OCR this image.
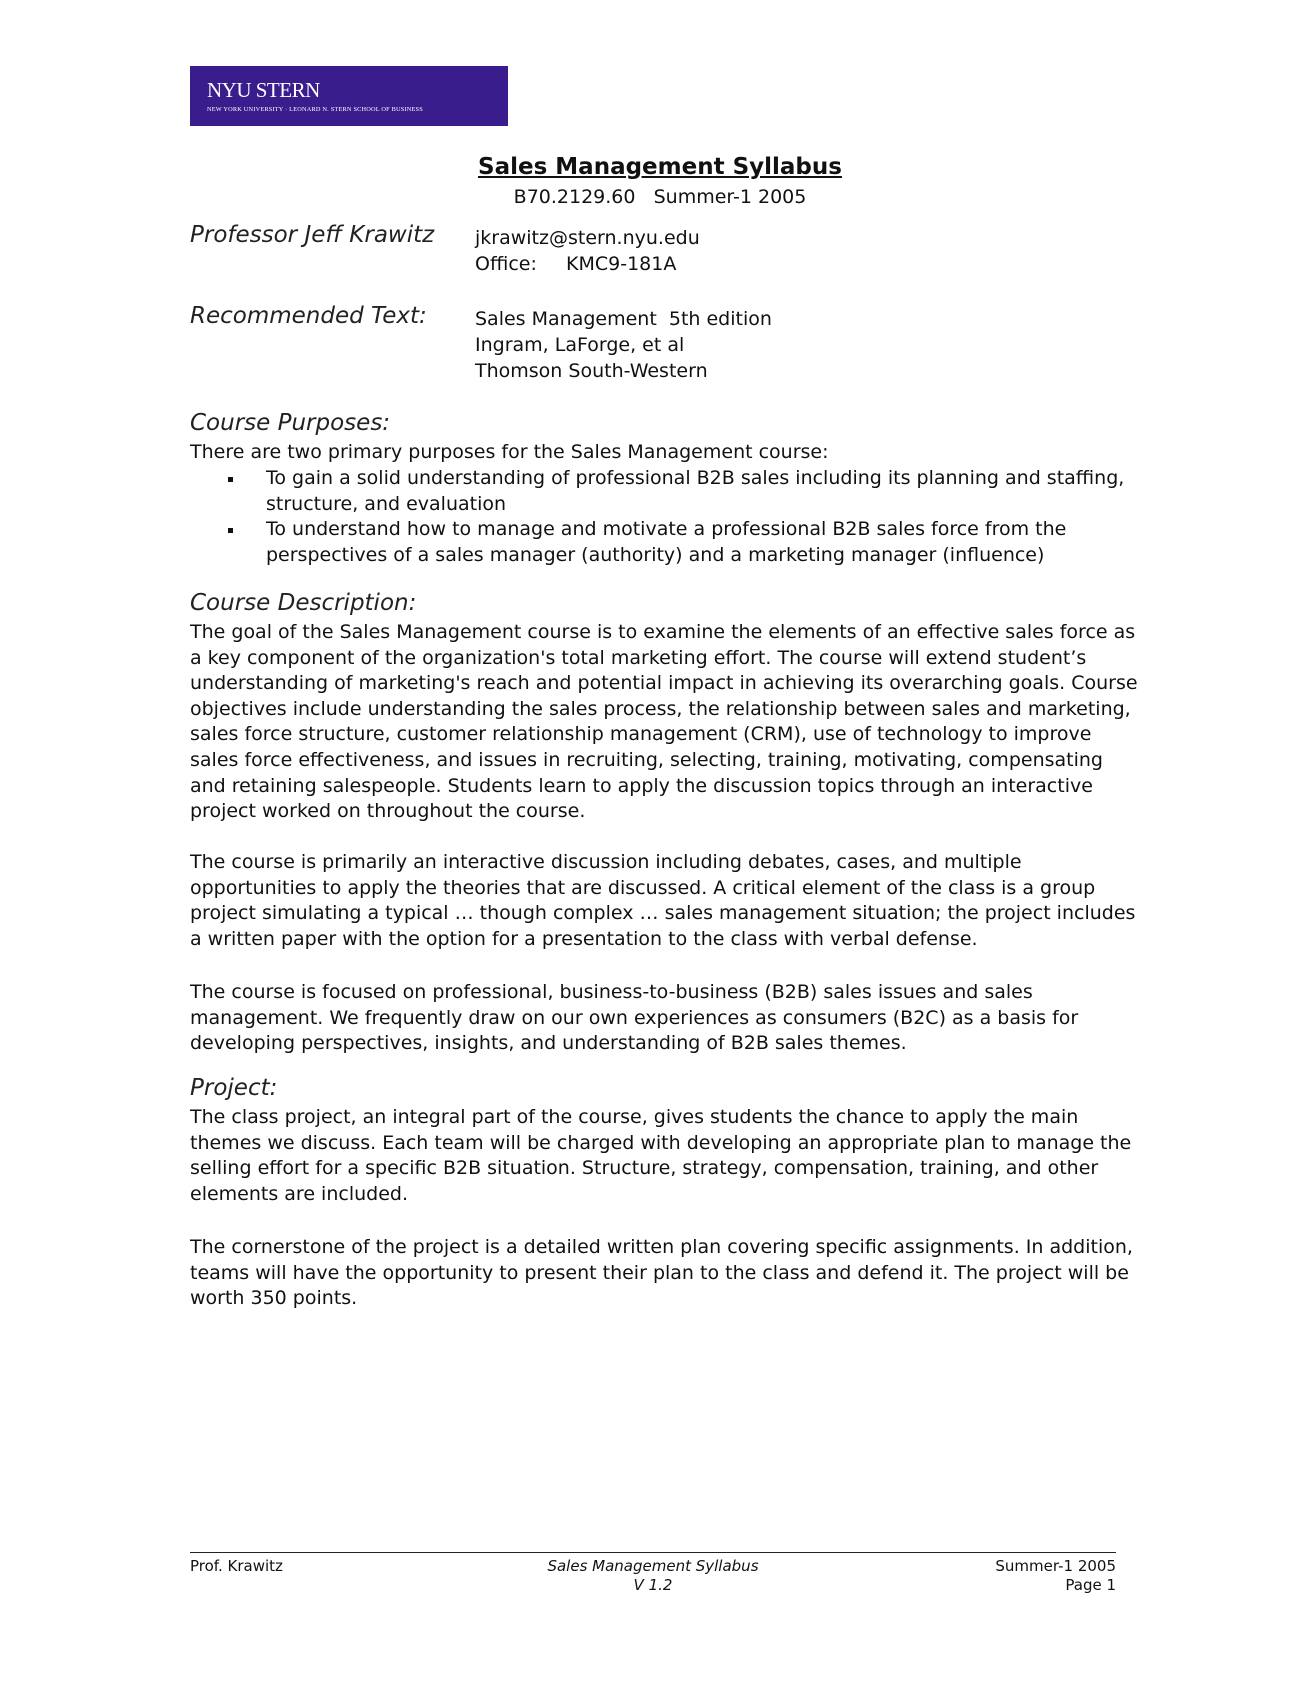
NYU STERN
NEW YORK UNIVERSITY · LEONARD N. STERN SCHOOL OF BUSINESS
Sales Management Syllabus
B70.2129.60   Summer-1 2005
Professor Jeff Krawitz jkrawitz@stern.nyu.edu
Office: KMC9-181A
Recommended Text:	Sales Management  5th edition
Ingram, LaForge, et al
Thomson South-Western
Course Purposes:

There are two primary purposes for the Sales Management course:

To gain a solid understanding of professional B2B sales including its planning and staffing, structure, and evaluation
To understand how to manage and motivate a professional B2B sales force from the perspectives of a sales manager (authority) and a marketing manager (influence)
Course Description:

The goal of the Sales Management course is to examine the elements of an effective sales force as a key component of the organization's total marketing effort. The course will extend student’s understanding of marketing's reach and potential impact in achieving its overarching goals. Course objectives include understanding the sales process, the relationship between sales and marketing, sales force structure, customer relationship management (CRM), use of technology to improve sales force effectiveness, and issues in recruiting, selecting, training, motivating, compensating and retaining salespeople. Students learn to apply the discussion topics through an interactive project worked on throughout the course.

The course is primarily an interactive discussion including debates, cases, and multiple opportunities to apply the theories that are discussed. A critical element of the class is a group project simulating a typical … though complex … sales management situation; the project includes a written paper with the option for a presentation to the class with verbal defense.

The course is focused on professional, business-to-business (B2B) sales issues and sales management. We frequently draw on our own experiences as consumers (B2C) as a basis for developing perspectives, insights, and understanding of B2B sales themes.

Project:

The class project, an integral part of the course, gives students the chance to apply the main themes we discuss. Each team will be charged with developing an appropriate plan to manage the selling effort for a specific B2B situation. Structure, strategy, compensation, training, and other elements are included.

The cornerstone of the project is a detailed written plan covering specific assignments. In addition, teams will have the opportunity to present their plan to the class and defend it. The project will be worth 350 points.

Prof. Krawitz	Sales Management Syllabus
V 1.2
Summer-1 2005
Page 1
